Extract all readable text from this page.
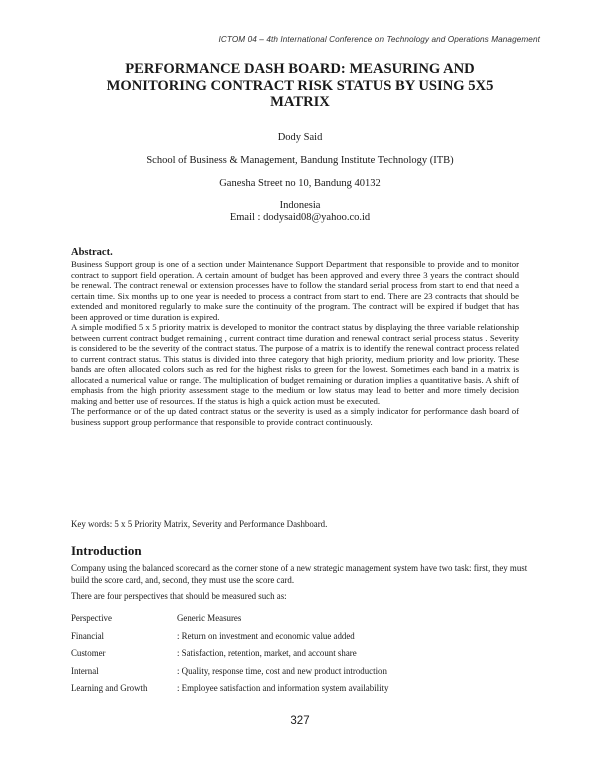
ICTOM 04 – 4th International Conference on Technology and Operations Management
PERFORMANCE DASH BOARD: MEASURING AND MONITORING CONTRACT RISK STATUS BY USING 5X5 MATRIX
Dody Said
School of Business & Management, Bandung Institute Technology (ITB)
Ganesha Street no 10, Bandung 40132
Indonesia
Email : dodysaid08@yahoo.co.id
Abstract.

Business Support group is one of a section under Maintenance Support Department that responsible to provide and to monitor contract to support field operation. A certain amount of budget has been approved and every three 3 years the contract should be renewal. The contract renewal or extension processes have to follow the standard serial process from start to end that need a certain time. Six months up to one year is needed to process a contract from start to end. There are 23 contracts that should be extended and monitored regularly to make sure the continuity of the program. The contract will be expired if budget that has been approved or time duration is expired.

A simple modified 5 x 5 priority matrix is developed to monitor the contract status by displaying the three variable relationship between current contract budget remaining , current contract time duration and renewal contract serial process status . Severity is considered to be the severity of the contract status. The purpose of a matrix is to identify the renewal contract process related to current contract status. This status is divided into three category that high priority, medium priority and low priority. These bands are often allocated colors such as red for the highest risks to green for the lowest. Sometimes each band in a matrix is allocated a numerical value or range. The multiplication of budget remaining or duration implies a quantitative basis. A shift of emphasis from the high priority assessment stage to the medium or low status may lead to better and more timely decision making and better use of resources. If the status is high a quick action must be executed.

The performance or of the up dated contract status or the severity is used as a simply indicator for performance dash board of business support group performance that responsible to provide contract continuously.

Key words: 5 x 5 Priority Matrix, Severity and Performance Dashboard.
Introduction

Company using the balanced scorecard as the corner stone of a new strategic management system have two task: first, they must build the score card, and, second, they must use the score card.

There are four perspectives that should be measured such as:

Perspective	Generic Measures
Financial	: Return on investment and economic value added
Customer	: Satisfaction, retention, market, and account share
Internal	: Quality, response time, cost and new product introduction
Learning and Growth	: Employee satisfaction and information system availability
327
